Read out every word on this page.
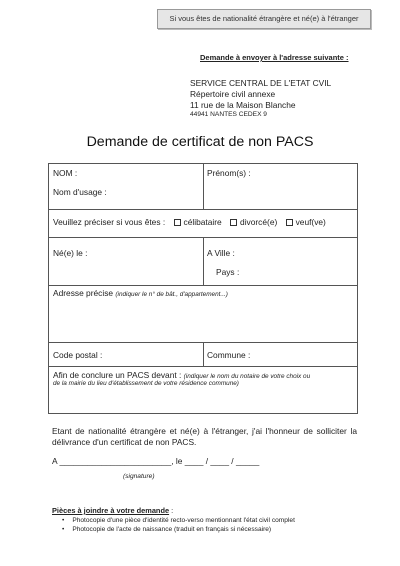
Si vous êtes de nationalité étrangère et né(e) à l'étranger
Demande à envoyer à l'adresse suivante :
SERVICE CENTRAL DE L'ETAT CVIL
Répertoire civil annexe
11 rue de la Maison Blanche
44941 NANTES CEDEX 9
Demande de certificat de non PACS
NOM :
Nom d'usage :
Prénom(s) :
Veuillez préciser si vous êtes : célibataire divorcé(e) veuf(ve)
Né(e) le :	A Ville :
Pays :
Adresse précise (indiquer le n° de bât., d'appartement...)
Code postal :	Commune :
Afin de conclure un PACS devant : (indiquer le nom du notaire de votre choix ou
de la mairie du lieu d'établissement de votre résidence commune)
Etant de nationalité étrangère et né(e) à l'étranger, j'ai l'honneur de solliciter la délivrance d'un certificat de non PACS.
A ________________________, le ____ / ____ / _____
(signature)
Pièces à joindre à votre demande :
• Photocopie d'une pièce d'identité recto-verso mentionnant l'état civil complet
• Photocopie de l'acte de naissance (traduit en français si nécessaire)
